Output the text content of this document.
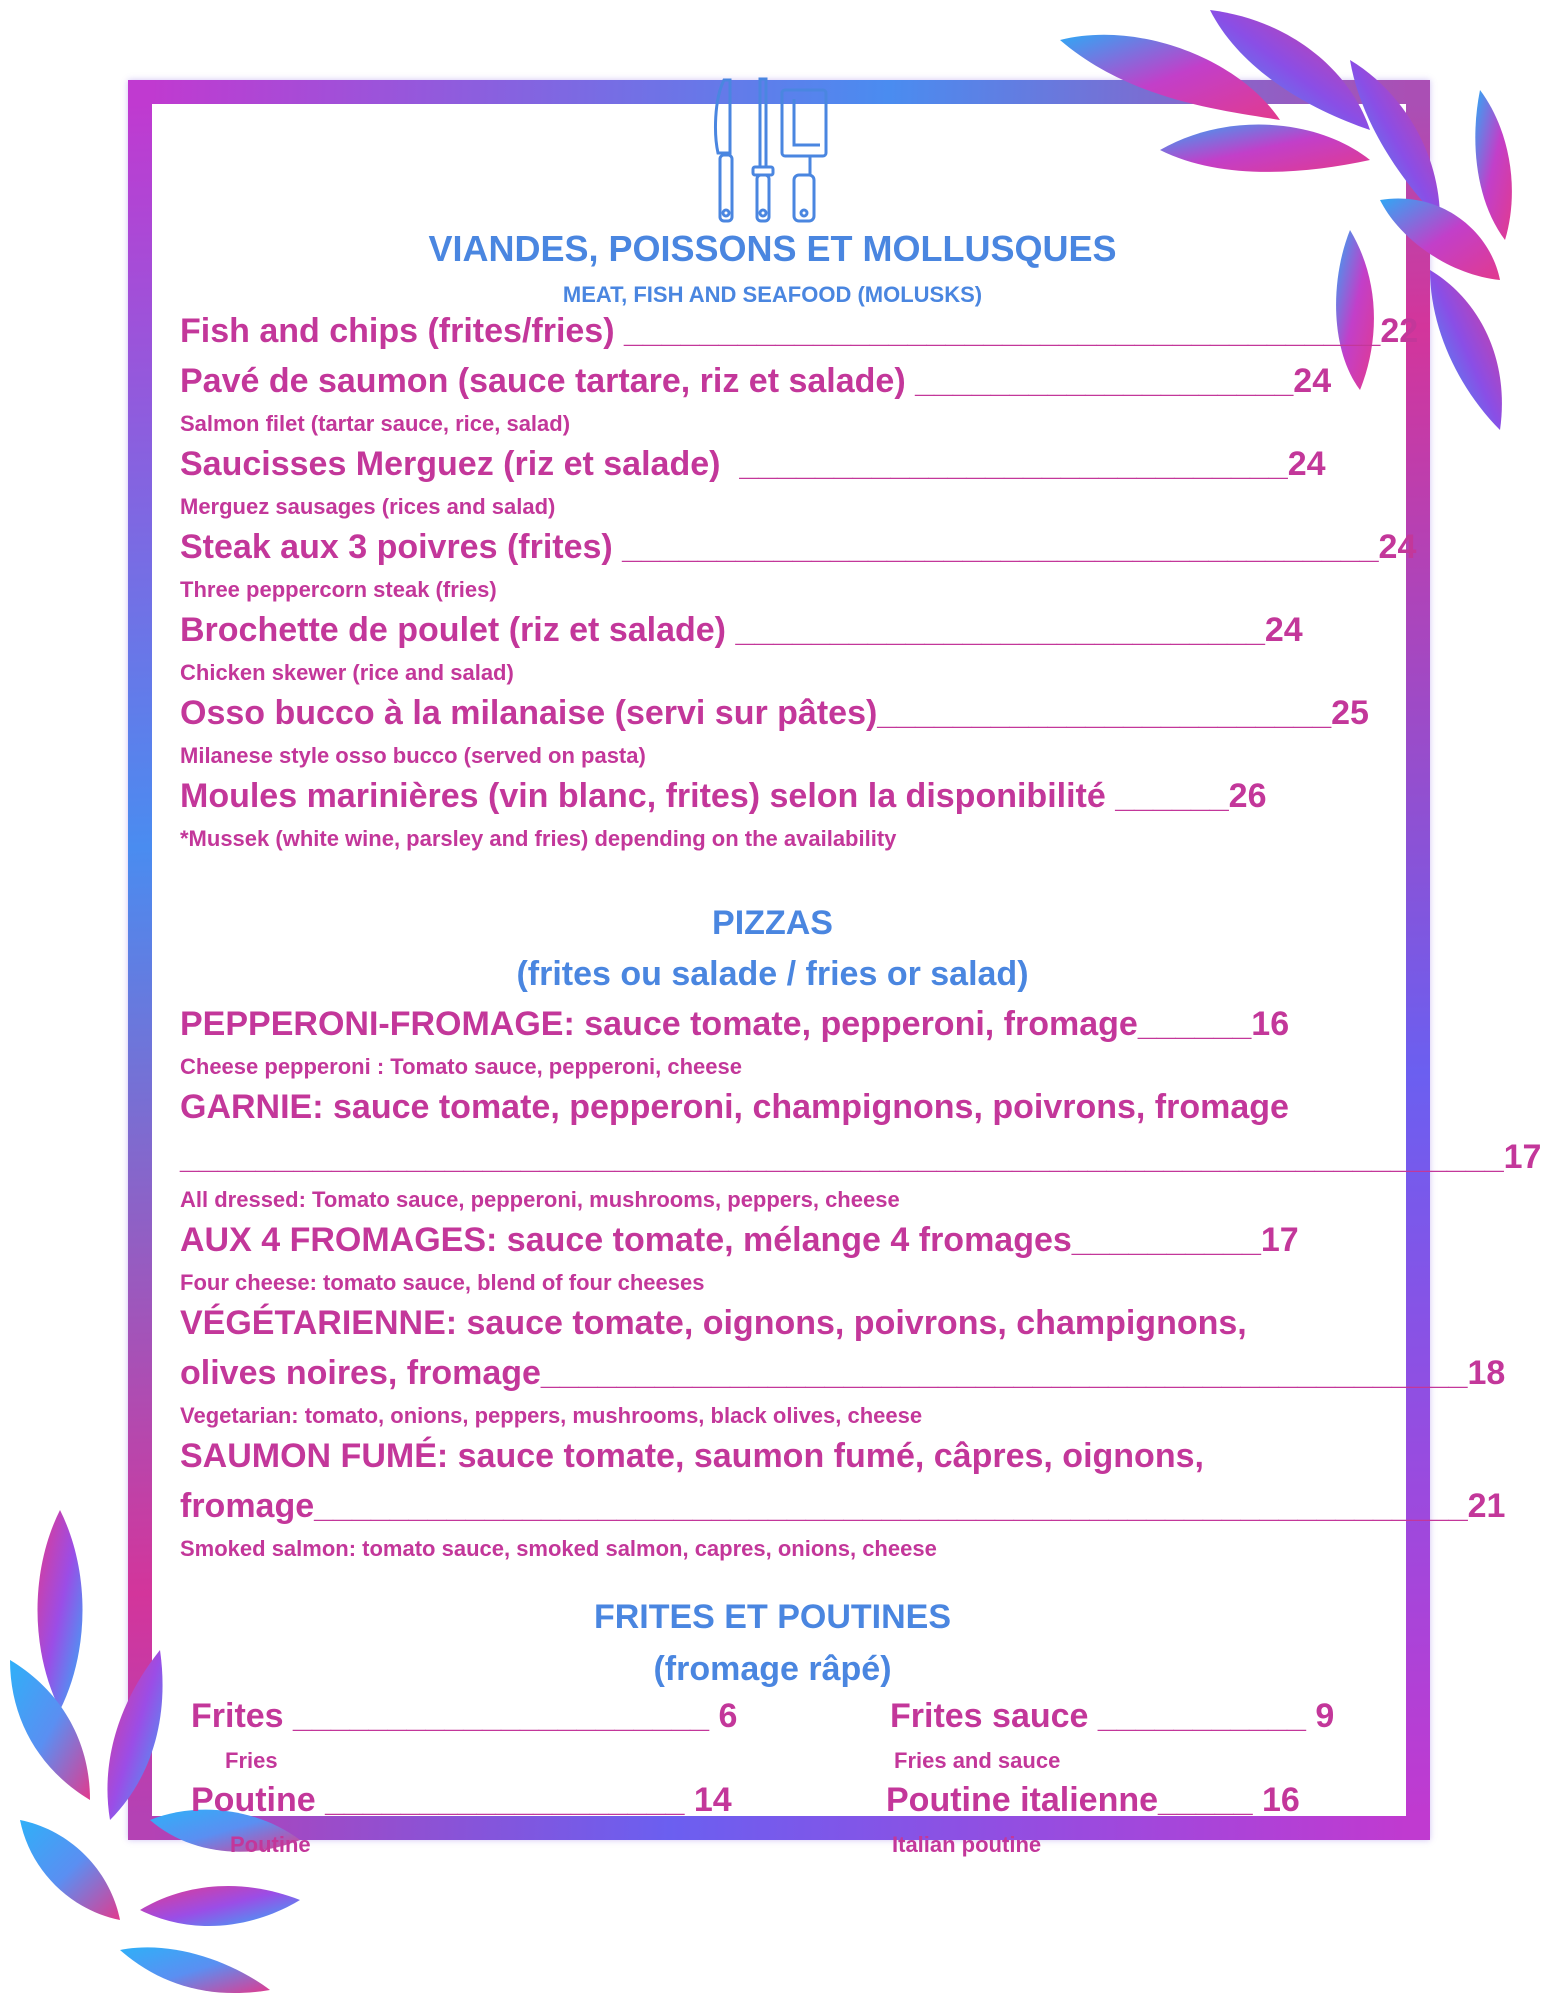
VIANDES, POISSONS ET MOLLUSQUES
MEAT, FISH AND SEAFOOD (MOLUSKS)
Fish and chips (frites/fries) ________________________________________22
Pavé de saumon (sauce tartare, riz et salade) ____________________24
Salmon filet (tartar sauce, rice, salad)
Saucisses Merguez (riz et salade)  _____________________________24
Merguez sausages (rices and salad)
Steak aux 3 poivres (frites) ________________________________________24
Three peppercorn steak (fries)
Brochette de poulet (riz et salade) ____________________________24
Chicken skewer (rice and salad)
Osso bucco à la milanaise (servi sur pâtes)________________________25
Milanese style osso bucco (served on pasta)
Moules marinières (vin blanc, frites) selon la disponibilité ______26
*Mussek (white wine, parsley and fries) depending on the availability
PIZZAS
(frites ou salade / fries or salad)
PEPPERONI-FROMAGE: sauce tomate, pepperoni, fromage______16
Cheese pepperoni : Tomato sauce, pepperoni, cheese
GARNIE: sauce tomate, pepperoni, champignons, poivrons, fromage
______________________________________________________________________17
All dressed: Tomato sauce, pepperoni, mushrooms, peppers, cheese
AUX 4 FROMAGES: sauce tomate, mélange 4 fromages__________17
Four cheese: tomato sauce, blend of four cheeses
VÉGÉTARIENNE: sauce tomate, oignons, poivrons, champignons,
olives noires, fromage_________________________________________________18
Vegetarian: tomato, onions, peppers, mushrooms, black olives, cheese
SAUMON FUMÉ: sauce tomate, saumon fumé, câpres, oignons,
fromage_____________________________________________________________21
Smoked salmon: tomato sauce, smoked salmon, capres, onions, cheese
FRITES ET POUTINES
(fromage râpé)
Frites ______________________ 6
Fries
Poutine ___________________ 14
Poutine
Frites sauce ___________ 9
Fries and sauce
Poutine italienne_____ 16
Italian poutine
